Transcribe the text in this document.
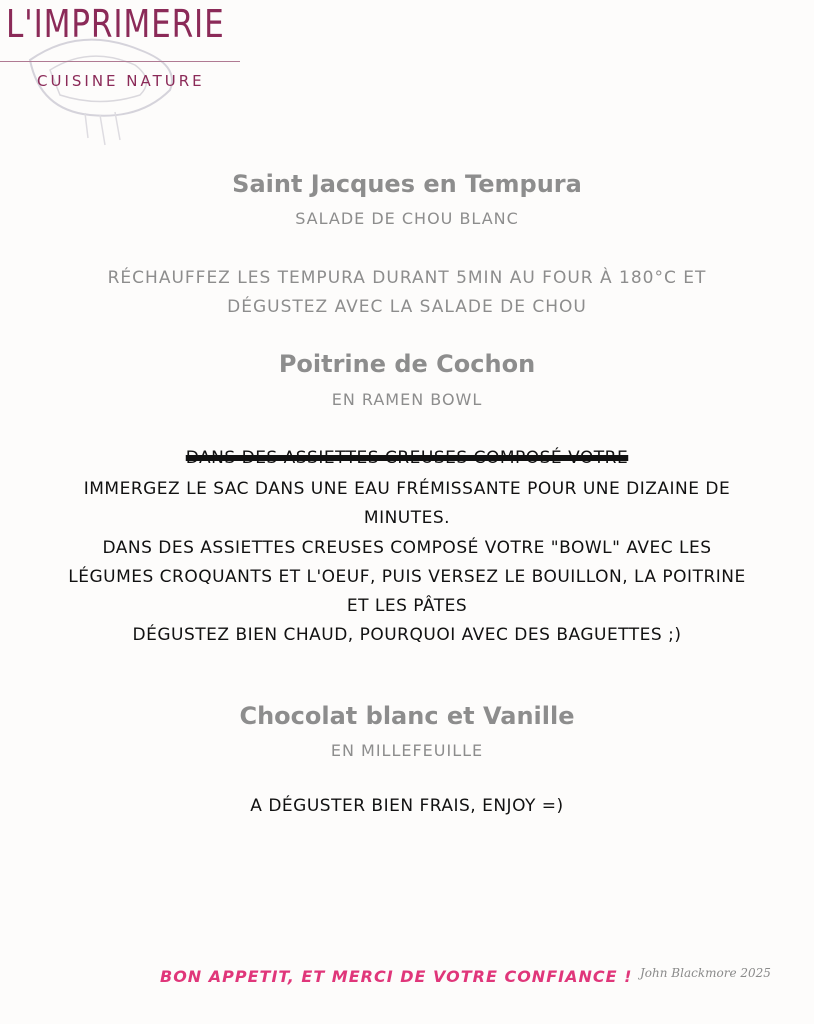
L'IMPRIMERIE
CUISINE NATURE
Saint Jacques en Tempura
SALADE DE CHOU BLANC
RÉCHAUFFEZ LES TEMPURA DURANT 5MIN AU FOUR À 180°C ET
DÉGUSTEZ AVEC LA SALADE DE CHOU
Poitrine de Cochon
EN RAMEN BOWL
DANS DES ASSIETTES CREUSES COMPOSÉ VOTRE
IMMERGEZ LE SAC DANS UNE EAU FRÉMISSANTE POUR UNE DIZAINE DE
MINUTES.
DANS DES ASSIETTES CREUSES COMPOSÉ VOTRE "BOWL" AVEC LES
LÉGUMES CROQUANTS ET L'OEUF, PUIS VERSEZ LE BOUILLON, LA POITRINE
ET LES PÂTES
DÉGUSTEZ BIEN CHAUD, POURQUOI AVEC DES BAGUETTES ;)
Chocolat blanc et Vanille
EN MILLEFEUILLE
A DÉGUSTER BIEN FRAIS, ENJOY =)
BON APPETIT, ET MERCI DE VOTRE CONFIANCE ! John Blackmore 2025
